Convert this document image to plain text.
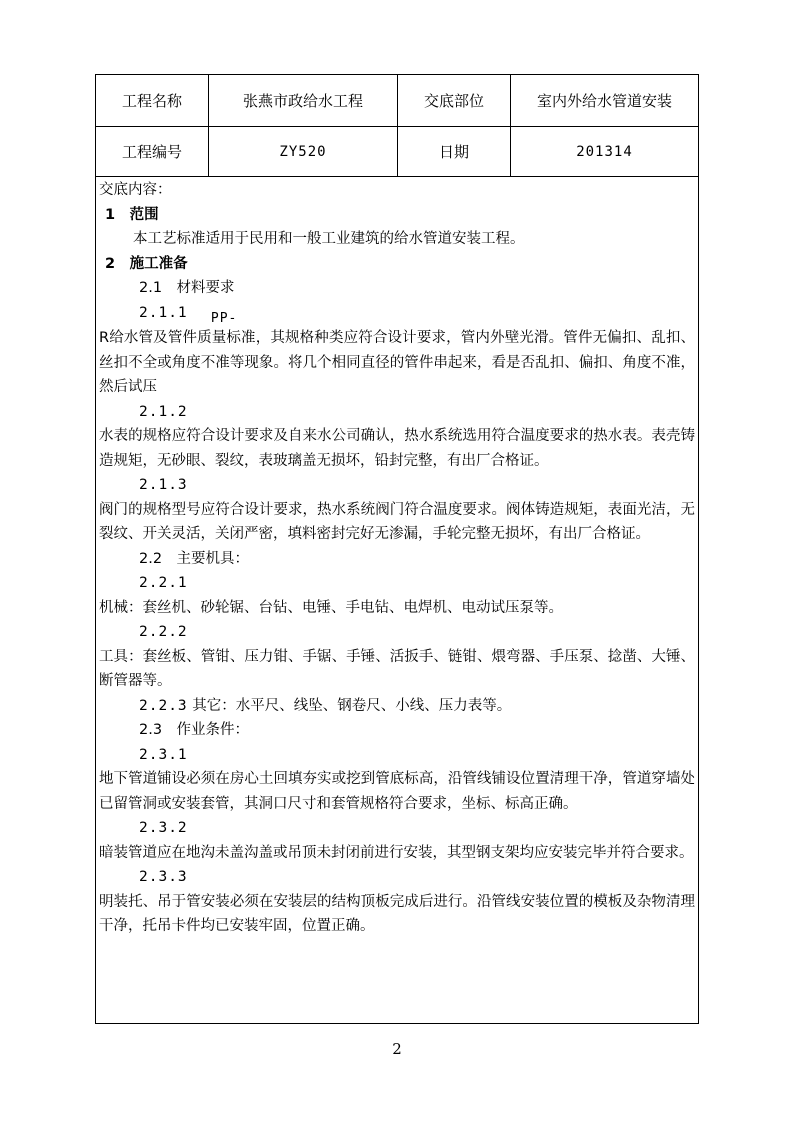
工程名称	张燕市政给水工程	交底部位	室内外给水管道安装
工程编号	ZY520	日期	201314

交底内容：

1　范围

本工艺标准适用于民用和一般工业建筑的给水管道安装工程。

2　施工准备

2.1　材料要求

2.1.1 PP-

R给水管及管件质量标准，其规格种类应符合设计要求，管内外壁光滑。管件无偏扣、乱扣、丝扣不全或角度不准等现象。将几个相同直径的管件串起来，看是否乱扣、偏扣、角度不准，然后试压

2.1.2

水表的规格应符合设计要求及自来水公司确认，热水系统选用符合温度要求的热水表。表壳铸造规矩，无砂眼、裂纹，表玻璃盖无损坏，铅封完整，有出厂合格证。

2.1.3

阀门的规格型号应符合设计要求，热水系统阀门符合温度要求。阀体铸造规矩，表面光洁，无裂纹、开关灵活，关闭严密，填料密封完好无渗漏，手轮完整无损坏，有出厂合格证。

2.2　主要机具：

2.2.1

机械：套丝机、砂轮锯、台钻、电锤、手电钻、电焊机、电动试压泵等。

2.2.2

工具：套丝板、管钳、压力钳、手锯、手锤、活扳手、链钳、煨弯器、手压泵、捻凿、大锤、断管器等。

2.2.3 其它：水平尺、线坠、钢卷尺、小线、压力表等。

2.3　作业条件：

2.3.1

地下管道铺设必须在房心土回填夯实或挖到管底标高，沿管线铺设位置清理干净，管道穿墙处已留管洞或安装套管，其洞口尺寸和套管规格符合要求，坐标、标高正确。

2.3.2

暗装管道应在地沟未盖沟盖或吊顶未封闭前进行安装，其型钢支架均应安装完毕并符合要求。

2.3.3

明装托、吊于管安装必须在安装层的结构顶板完成后进行。沿管线安装位置的模板及杂物清理干净，托吊卡件均已安装牢固，位置正确。

2
